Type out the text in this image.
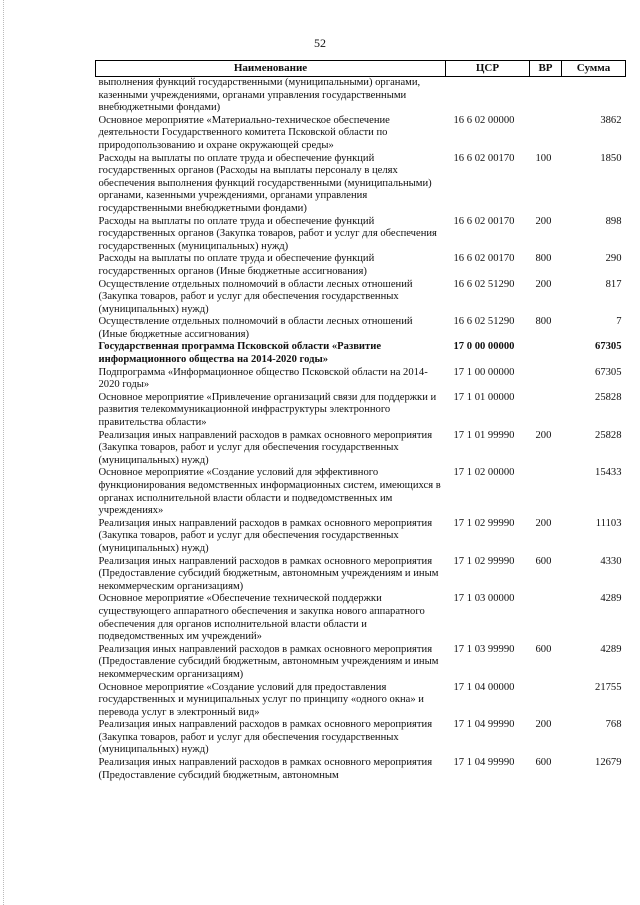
52
Наименование	ЦСР	ВР	Сумма
выполнения функций государственными (муниципальными) органами, казенными учреждениями, органами управления государственными внебюджетными фондами)			
Основное мероприятие «Материально-техническое обеспечение деятельности Государственного комитета Псковской области по природопользованию и охране окружающей среды»	16 6 02 00000		3862
Расходы на выплаты по оплате труда и обеспечение функций государственных органов (Расходы на выплаты персоналу в целях обеспечения выполнения функций государственными (муниципальными) органами, казенными учреждениями, органами управления государственными внебюджетными фондами)	16 6 02 00170	100	1850
Расходы на выплаты по оплате труда и обеспечение функций государственных органов (Закупка товаров, работ и услуг для обеспечения государственных (муниципальных) нужд)	16 6 02 00170	200	898
Расходы на выплаты по оплате труда и обеспечение функций государственных органов (Иные бюджетные ассигнования)	16 6 02 00170	800	290
Осуществление отдельных полномочий в области лесных отношений (Закупка товаров, работ и услуг для обеспечения государственных (муниципальных) нужд)	16 6 02 51290	200	817
Осуществление отдельных полномочий в области лесных отношений (Иные бюджетные ассигнования)	16 6 02 51290	800	7
Государственная программа Псковской области «Развитие информационного общества на 2014-2020 годы»	17 0 00 00000		67305
Подпрограмма «Информационное общество Псковской области на 2014-2020 годы»	17 1 00 00000		67305
Основное мероприятие «Привлечение организаций связи для поддержки и развития телекоммуникационной инфраструктуры электронного правительства области»	17 1 01 00000		25828
Реализация иных направлений расходов в рамках основного мероприятия (Закупка товаров, работ и услуг для обеспечения государственных (муниципальных) нужд)	17 1 01 99990	200	25828
Основное мероприятие «Создание условий для эффективного функционирования ведомственных информационных систем, имеющихся в органах исполнительной власти области и подведомственных им учреждениях»	17 1 02 00000		15433
Реализация иных направлений расходов в рамках основного мероприятия (Закупка товаров, работ и услуг для обеспечения государственных (муниципальных) нужд)	17 1 02 99990	200	11103
Реализация иных направлений расходов в рамках основного мероприятия (Предоставление субсидий бюджетным, автономным учреждениям и иным некоммерческим организациям)	17 1 02 99990	600	4330
Основное мероприятие «Обеспечение технической поддержки существующего аппаратного обеспечения и закупка нового аппаратного обеспечения для органов исполнительной власти области и подведомственных им учреждений»	17 1 03 00000		4289
Реализация иных направлений расходов в рамках основного мероприятия (Предоставление субсидий бюджетным, автономным учреждениям и иным некоммерческим организациям)	17 1 03 99990	600	4289
Основное мероприятие «Создание условий для предоставления государственных и муниципальных услуг по принципу «одного окна» и перевода услуг в электронный вид»	17 1 04 00000		21755
Реализация иных направлений расходов в рамках основного мероприятия (Закупка товаров, работ и услуг для обеспечения государственных (муниципальных) нужд)	17 1 04 99990	200	768
Реализация иных направлений расходов в рамках основного мероприятия (Предоставление субсидий бюджетным, автономным	17 1 04 99990	600	12679
